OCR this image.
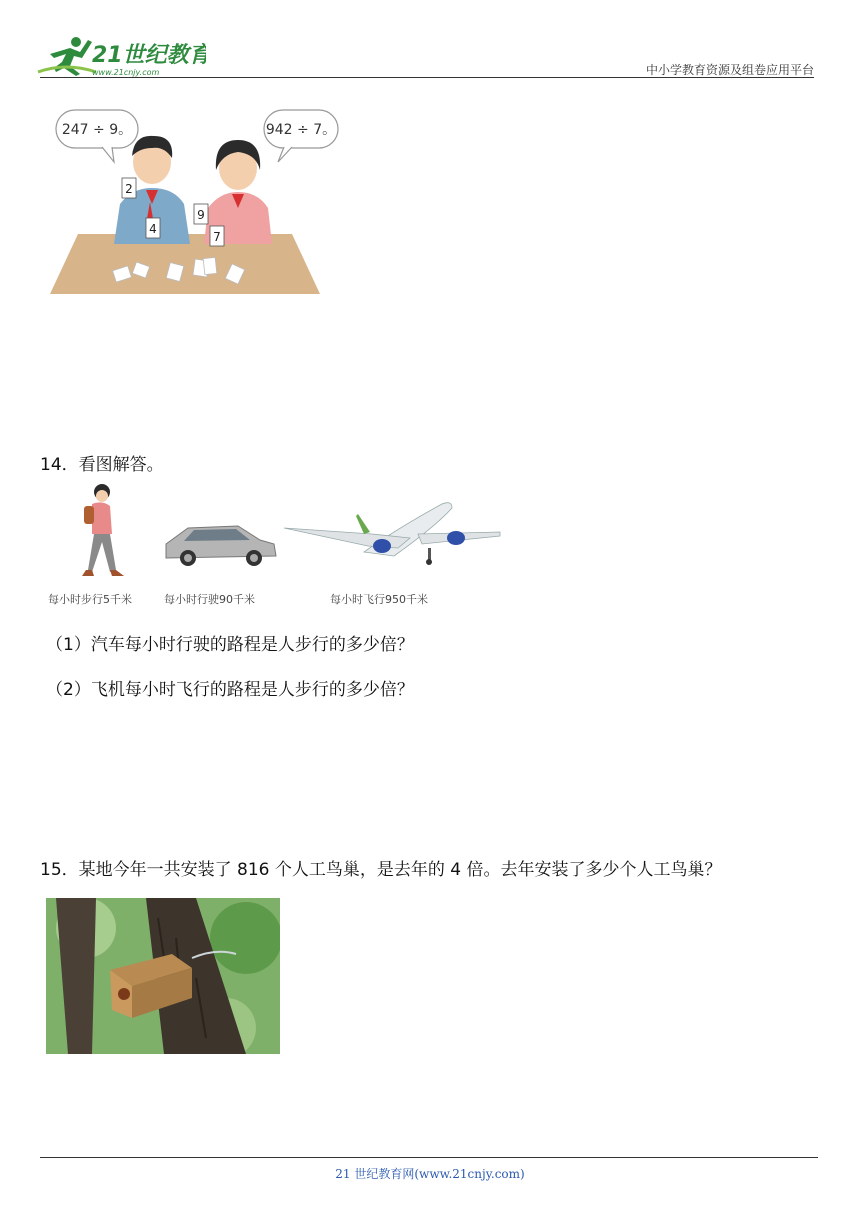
21世纪教育
www.21cnjy.com	中小学教育资源及组卷应用平台
247 ÷ 9。	942 ÷ 7。
2
4
9
7
14．看图解答。
每小时步行5千米	每小时行驶90千米	每小时飞行950千米
（1）汽车每小时行驶的路程是人步行的多少倍？
（2）飞机每小时飞行的路程是人步行的多少倍？
15．某地今年一共安装了 816 个人工鸟巢，是去年的 4 倍。去年安装了多少个人工鸟巢？
21 世纪教育网(www.21cnjy.com)
